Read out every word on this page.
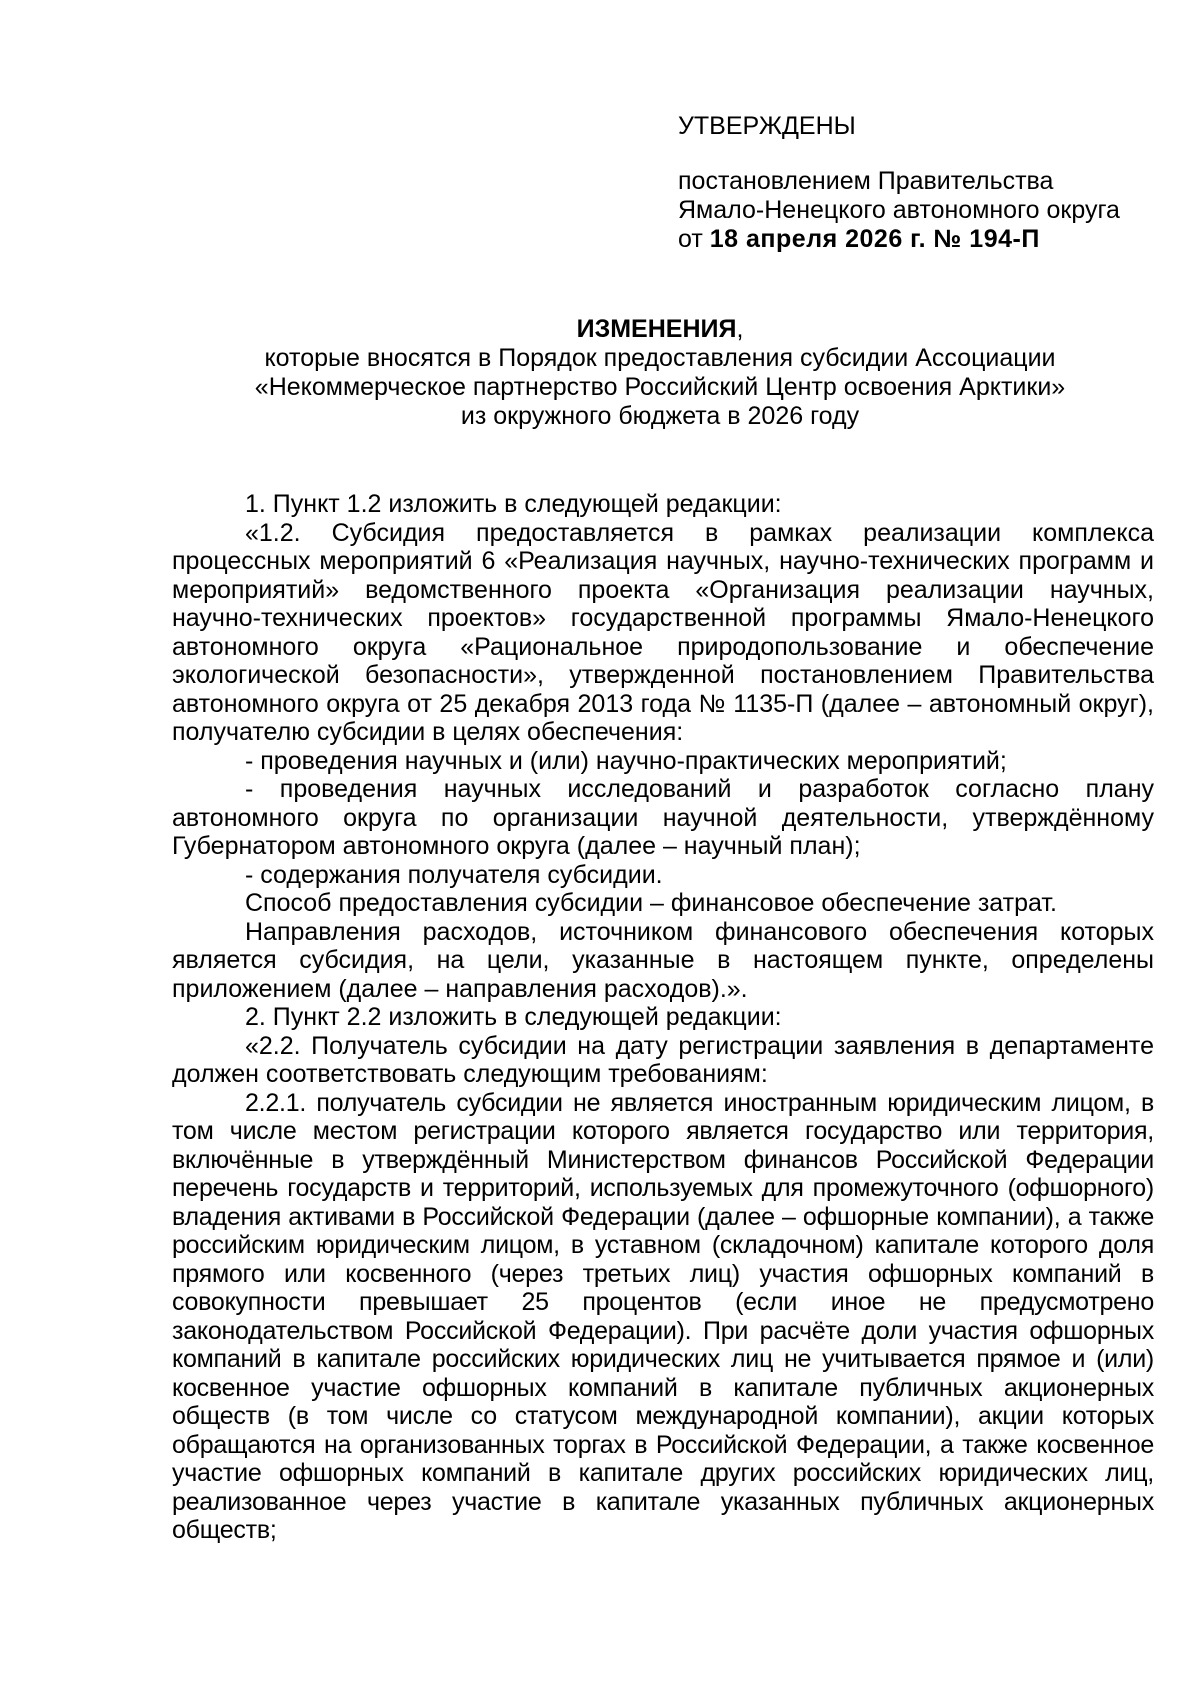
УТВЕРЖДЕНЫ
постановлением Правительства
Ямало-Ненецкого автономного округа
от 18 апреля 2026 г. № 194-П
ИЗМЕНЕНИЯ,
которые вносятся в Порядок предоставления субсидии Ассоциации
«Некоммерческое партнерство Российский Центр освоения Арктики»
из окружного бюджета в 2026 году

1. Пункт 1.2 изложить в следующей редакции:

«1.2. Субсидия предоставляется в рамках реализации комплекса процессных мероприятий 6 «Реализация научных, научно-технических программ и мероприятий» ведомственного проекта «Организация реализации научных, научно-технических проектов» государственной программы Ямало-Ненецкого автономного округа «Рациональное природопользование и обеспечение экологической безопасности», утвержденной постановлением Правительства автономного округа от 25 декабря 2013 года № 1135-П (далее – автономный округ), получателю субсидии в целях обеспечения:

- проведения научных и (или) научно-практических мероприятий;

- проведения научных исследований и разработок согласно плану автономного округа по организации научной деятельности, утверждённому Губернатором автономного округа (далее – научный план);

- содержания получателя субсидии.

Способ предоставления субсидии – финансовое обеспечение затрат.

Направления расходов, источником финансового обеспечения которых является субсидия, на цели, указанные в настоящем пункте, определены приложением (далее – направления расходов).».

2. Пункт 2.2 изложить в следующей редакции:

«2.2. Получатель субсидии на дату регистрации заявления в департаменте должен соответствовать следующим требованиям:

2.2.1. получатель субсидии не является иностранным юридическим лицом, в том числе местом регистрации которого является государство или территория, включённые в утверждённый Министерством финансов Российской Федерации перечень государств и территорий, используемых для промежуточного (офшорного) владения активами в Российской Федерации (далее – офшорные компании), а также российским юридическим лицом, в уставном (складочном) капитале которого доля прямого или косвенного (через третьих лиц) участия офшорных компаний в совокупности превышает 25 процентов (если иное не предусмотрено законодательством Российской Федерации). При расчёте доли участия офшорных компаний в капитале российских юридических лиц не учитывается прямое и (или) косвенное участие офшорных компаний в капитале публичных акционерных обществ (в том числе со статусом международной компании), акции которых обращаются на организованных торгах в Российской Федерации, а также косвенное участие офшорных компаний в капитале других российских юридических лиц, реализованное через участие в капитале указанных публичных акционерных обществ;
